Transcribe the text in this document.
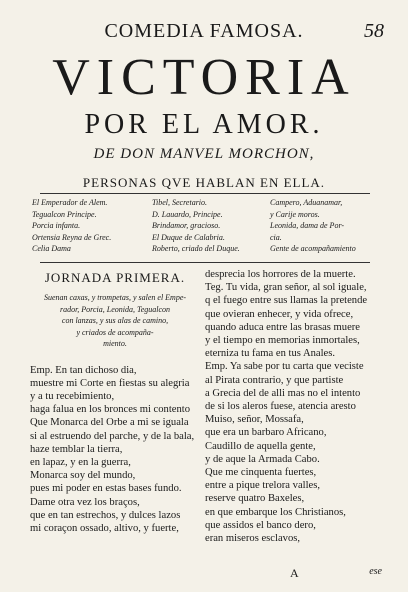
COMEDIA FAMOSA.	58
VICTORIA
POR EL AMOR.
DE DON MANVEL MORCHON,
PERSONAS QVE HABLAN EN ELLA.
El Emperador de Alem.
Tegualcon Principe.
Porcia infanta.
Ortensia Reyna de Grec.
Celia Dama
Tibel, Secretario.
D. Lauardo, Principe.
Brindamor, gracioso.
El Duque de Calabria.
Roberto, criado del Duque.
Campero, Aduanamar,
y Carije moros.
Leonida, dama de Por-
cia.
Gente de acompañamiento
JORNADA PRIMERA.
Suenan caxas, y trompetas, y salen el Empe-
rador, Porcia, Leonida, Tegualcon
con lanzas, y sus alas de camino,
y criados de acompaña-
miento.
Emp. En tan dichoso dia,
muestre mi Corte en fiestas su alegria
y a tu recebimiento,
haga falua en los bronces mi contento
Que Monarca del Orbe a mi se iguala
si al estruendo del parche, y de la bala,
haze temblar la tierra,
en lapaz, y en la guerra,
Monarca soy del mundo,
pues mi poder en estas bases fundo.
Dame otra vez los braços,
que en tan estrechos, y dulces lazos
mi coraçon ossado, altivo, y fuerte,
desprecia los horrores de la muerte.
Teg. Tu vida, gran señor, al sol iguale,
q el fuego entre sus llamas la pretende
que ovieran enhecer, y vida ofrece,
quando aduca entre las brasas muere
y el tiempo en memorias inmortales,
eterniza tu fama en tus Anales.
Emp. Ya sabe por tu carta que veciste
al Pirata contrario, y que partiste
a Grecia del de alli mas no el intento
de si los aleros fuese, atencia aresto
Muiso, señor, Mossafa,
que era un barbaro Africano,
Caudillo de aquella gente,
y de aque la Armada Cabo.
Que me cinquenta fuertes,
entre a pique trelora valles,
reserve quatro Baxeles,
en que embarque los Christianos,
que assidos el banco dero,
eran miseros esclavos,
A	ese
